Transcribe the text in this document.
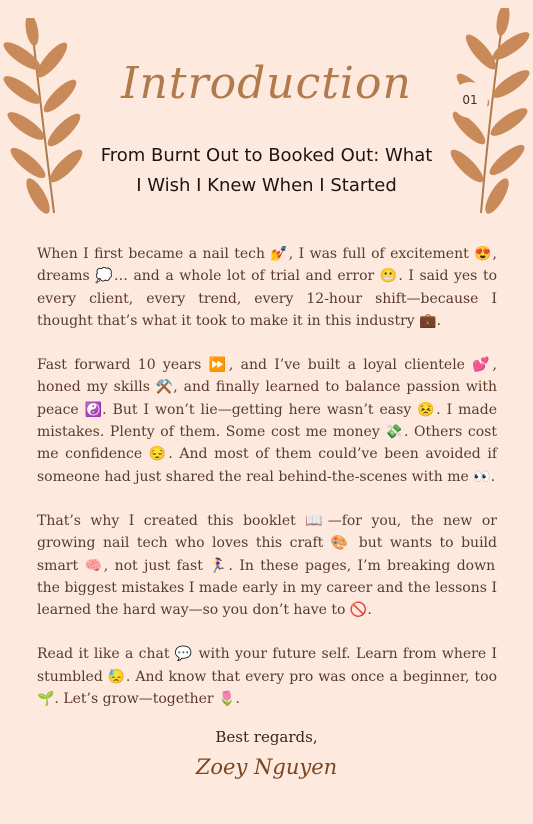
01
Introduction
From Burnt Out to Booked Out: What
I Wish I Knew When I Started

When I first became a nail tech 💅, I was full of excitement 😍, dreams 💭… and a whole lot of trial and error 😬. I said yes to every client, every trend, every 12-hour shift—because I thought that’s what it took to make it in this industry 💼.

Fast forward 10 years ⏩, and I’ve built a loyal clientele 💕, honed my skills ⚒️, and finally learned to balance passion with peace ☯️. But I won’t lie—getting here wasn’t easy 😣. I made mistakes. Plenty of them. Some cost me money 💸. Others cost me confidence 😔. And most of them could’ve been avoided if someone had just shared the real behind-the-scenes with me 👀.

That’s why I created this booklet 📖—for you, the new or growing nail tech who loves this craft 🎨 but wants to build smart 🧠, not just fast 🏃‍♀️. In these pages, I’m breaking down the biggest mistakes I made early in my career and the lessons I learned the hard way—so you don’t have to 🚫.

Read it like a chat 💬 with your future self. Learn from where I stumbled 😓. And know that every pro was once a beginner, too 🌱. Let’s grow—together 🌷.

Best regards,
Zoey Nguyen
